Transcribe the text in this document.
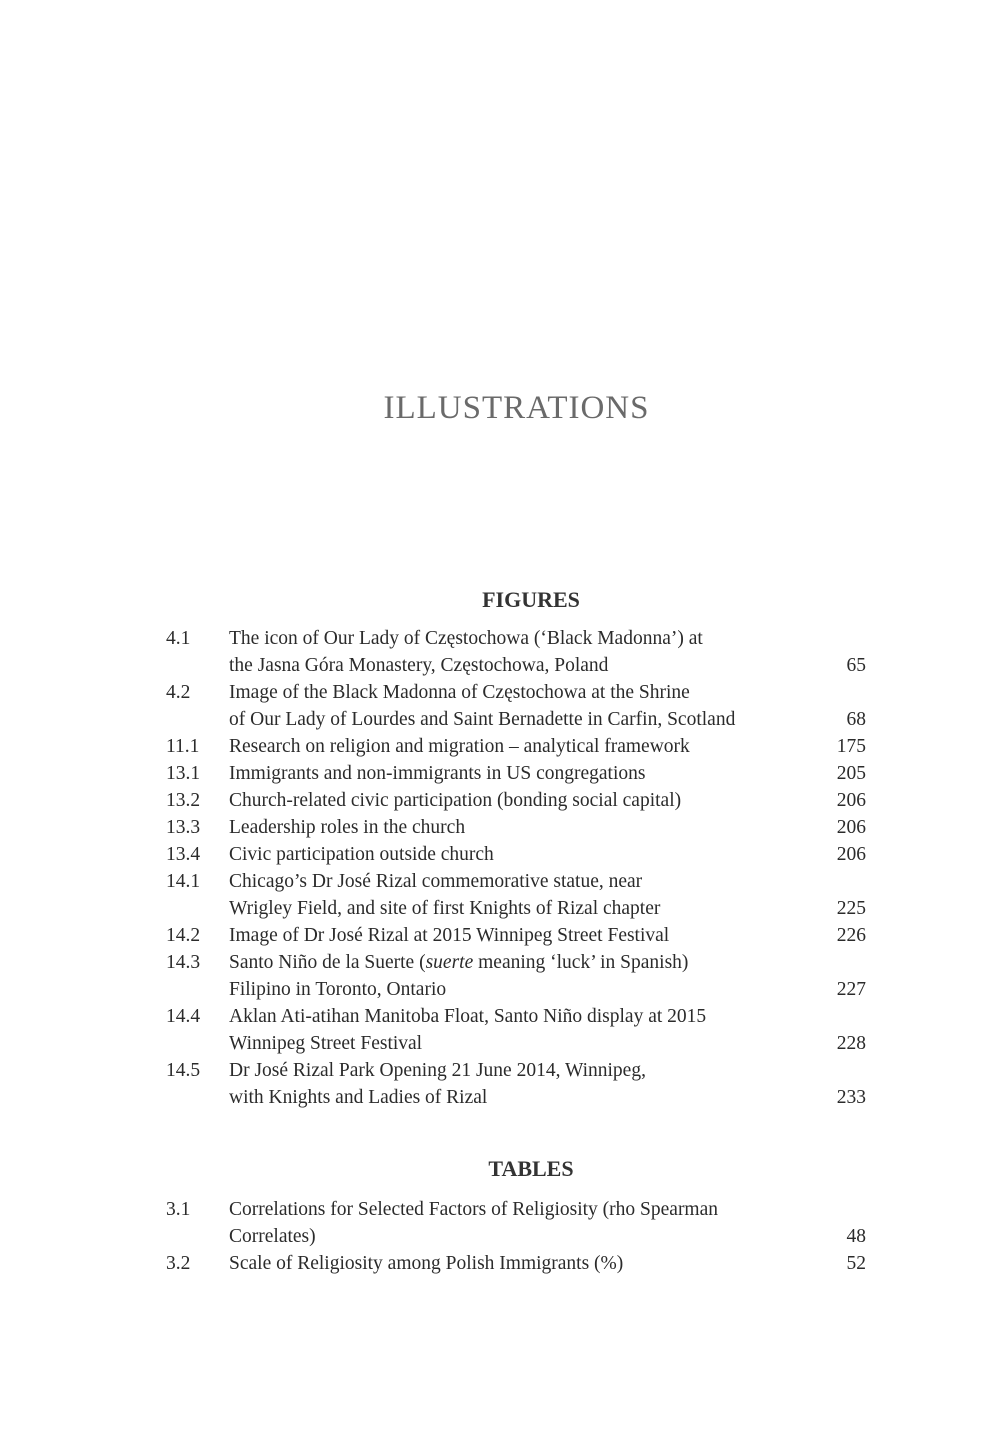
ILLUSTRATIONS
FIGURES
4.1	The icon of Our Lady of Częstochowa (‘Black Madonna’) at
the Jasna Góra Monastery, Częstochowa, Poland	65
4.2	Image of the Black Madonna of Częstochowa at the Shrine
of Our Lady of Lourdes and Saint Bernadette in Carfin, Scotland	68
11.1	Research on religion and migration – analytical framework	175
13.1	Immigrants and non-immigrants in US congregations	205
13.2	Church-related civic participation (bonding social capital)	206
13.3	Leadership roles in the church	206
13.4	Civic participation outside church	206
14.1	Chicago’s Dr José Rizal commemorative statue, near
Wrigley Field, and site of first Knights of Rizal chapter	225
14.2	Image of Dr José Rizal at 2015 Winnipeg Street Festival	226
14.3	Santo Niño de la Suerte (suerte meaning ‘luck’ in Spanish)
Filipino in Toronto, Ontario	227
14.4	Aklan Ati-atihan Manitoba Float, Santo Niño display at 2015
Winnipeg Street Festival	228
14.5	Dr José Rizal Park Opening 21 June 2014, Winnipeg,
with Knights and Ladies of Rizal	233
TABLES
3.1	Correlations for Selected Factors of Religiosity (rho Spearman
Correlates)	48
3.2	Scale of Religiosity among Polish Immigrants (%)	52
